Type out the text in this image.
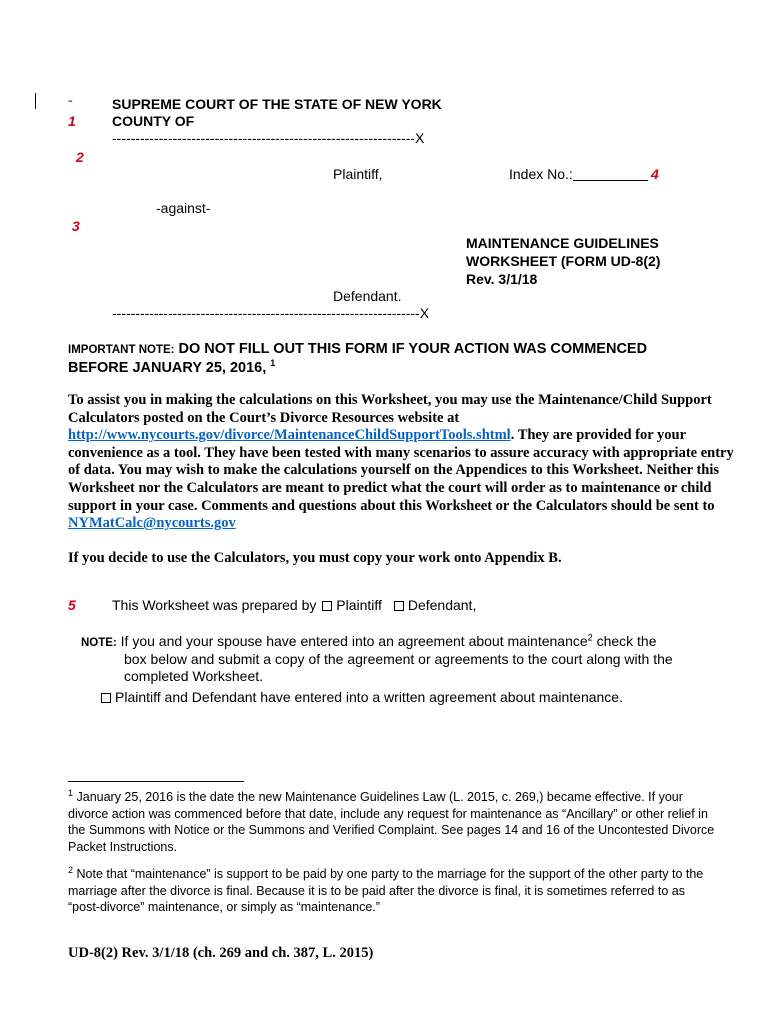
-
1
2
3
SUPREME COURT OF THE STATE OF NEW YORK
COUNTY OF
-----------------------------------------------------------------X
Plaintiff,	Index No.:	4
-against-
MAINTENANCE GUIDELINES
WORKSHEET (FORM UD-8(2)
Rev. 3/1/18
Defendant.
------------------------------------------------------------------X
IMPORTANT NOTE: DO NOT FILL OUT THIS FORM IF YOUR ACTION WAS COMMENCED
BEFORE JANUARY 25, 2016, $^1$
To assist you in making the calculations on this Worksheet, you may use the Maintenance/Child Support Calculators posted on the Court’s Divorce Resources website at http://www.nycourts.gov/divorce/MaintenanceChildSupportTools.shtml. They are provided for your convenience as a tool. They have been tested with many scenarios to assure accuracy with appropriate entry of data. You may wish to make the calculations yourself on the Appendices to this Worksheet. Neither this Worksheet nor the Calculators are meant to predict what the court will order as to maintenance or child support in your case. Comments and questions about this Worksheet or the Calculators should be sent to NYMatCalc@nycourts.gov
If you decide to use the Calculators, you must copy your work onto Appendix B.
5	This Worksheet was prepared by Plaintiff Defendant,
NOTE: If you and your spouse have entered into an agreement about maintenance$^2$ check the
box below and submit a copy of the agreement or agreements to the court along with the
completed Worksheet.
Plaintiff and Defendant have entered into a written agreement about maintenance.
$^1$ January 25, 2016 is the date the new Maintenance Guidelines Law (L. 2015, c. 269,) became effective. If your divorce action was commenced before that date, include any request for maintenance as “Ancillary” or other relief in the Summons with Notice or the Summons and Verified Complaint. See pages 14 and 16 of the Uncontested Divorce Packet Instructions.
$^2$ Note that “maintenance” is support to be paid by one party to the marriage for the support of the other party to the marriage after the divorce is final. Because it is to be paid after the divorce is final, it is sometimes referred to as “post-divorce” maintenance, or simply as “maintenance.”
UD-8(2) Rev. 3/1/18 (ch. 269 and ch. 387, L. 2015)
